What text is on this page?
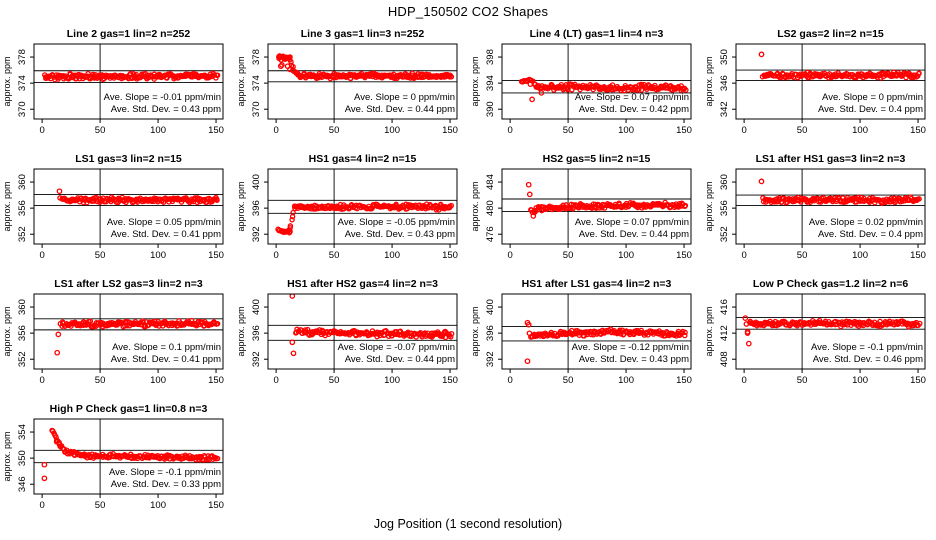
HDP_150502 CO2 Shapes
Line 2 gas=1 lin=2 n=252
0	50	100	150
370
374
378
approx. ppm	Ave. Slope = -0.01 ppm/min
Ave. Std. Dev. = 0.43 ppm
Line 3 gas=1 lin=3 n=252
0	50	100	150
370
374
378
approx. ppm	Ave. Slope = 0 ppm/min
Ave. Std. Dev. = 0.44 ppm
Line 4 (LT) gas=1 lin=4 n=3
0	50	100	150
390
394
398
approx. ppm	Ave. Slope = 0.07 ppm/min
Ave. Std. Dev. = 0.42 ppm
LS2 gas=2 lin=2 n=15
0	50	100	150
342
346
350
approx. ppm	Ave. Slope = 0 ppm/min
Ave. Std. Dev. = 0.4 ppm
LS1 gas=3 lin=2 n=15
0	50	100	150
352
356
360
approx. ppm	Ave. Slope = 0.05 ppm/min
Ave. Std. Dev. = 0.41 ppm
HS1 gas=4 lin=2 n=15
0	50	100	150
392
396
400
approx. ppm	Ave. Slope = -0.05 ppm/min
Ave. Std. Dev. = 0.43 ppm
HS2 gas=5 lin=2 n=15
0	50	100	150
476
480
484
approx. ppm	Ave. Slope = 0.07 ppm/min
Ave. Std. Dev. = 0.44 ppm
LS1 after HS1 gas=3 lin=2 n=3
0	50	100	150
352
356
360
approx. ppm	Ave. Slope = 0.02 ppm/min
Ave. Std. Dev. = 0.4 ppm
LS1 after LS2 gas=3 lin=2 n=3
0	50	100	150
352
356
360
approx. ppm	Ave. Slope = 0.1 ppm/min
Ave. Std. Dev. = 0.41 ppm
HS1 after HS2 gas=4 lin=2 n=3
0	50	100	150
392
396
400
approx. ppm	Ave. Slope = -0.07 ppm/min
Ave. Std. Dev. = 0.44 ppm
HS1 after LS1 gas=4 lin=2 n=3
0	50	100	150
392
396
400
approx. ppm	Ave. Slope = -0.12 ppm/min
Ave. Std. Dev. = 0.43 ppm
Low P Check gas=1.2 lin=2 n=6
0	50	100	150
408
412
416
approx. ppm	Ave. Slope = -0.1 ppm/min
Ave. Std. Dev. = 0.46 ppm
High P Check gas=1 lin=0.8 n=3
0	50	100	150
346
350
354
approx. ppm	Ave. Slope = -0.1 ppm/min
Ave. Std. Dev. = 0.33 ppm
Jog Position (1 second resolution)
